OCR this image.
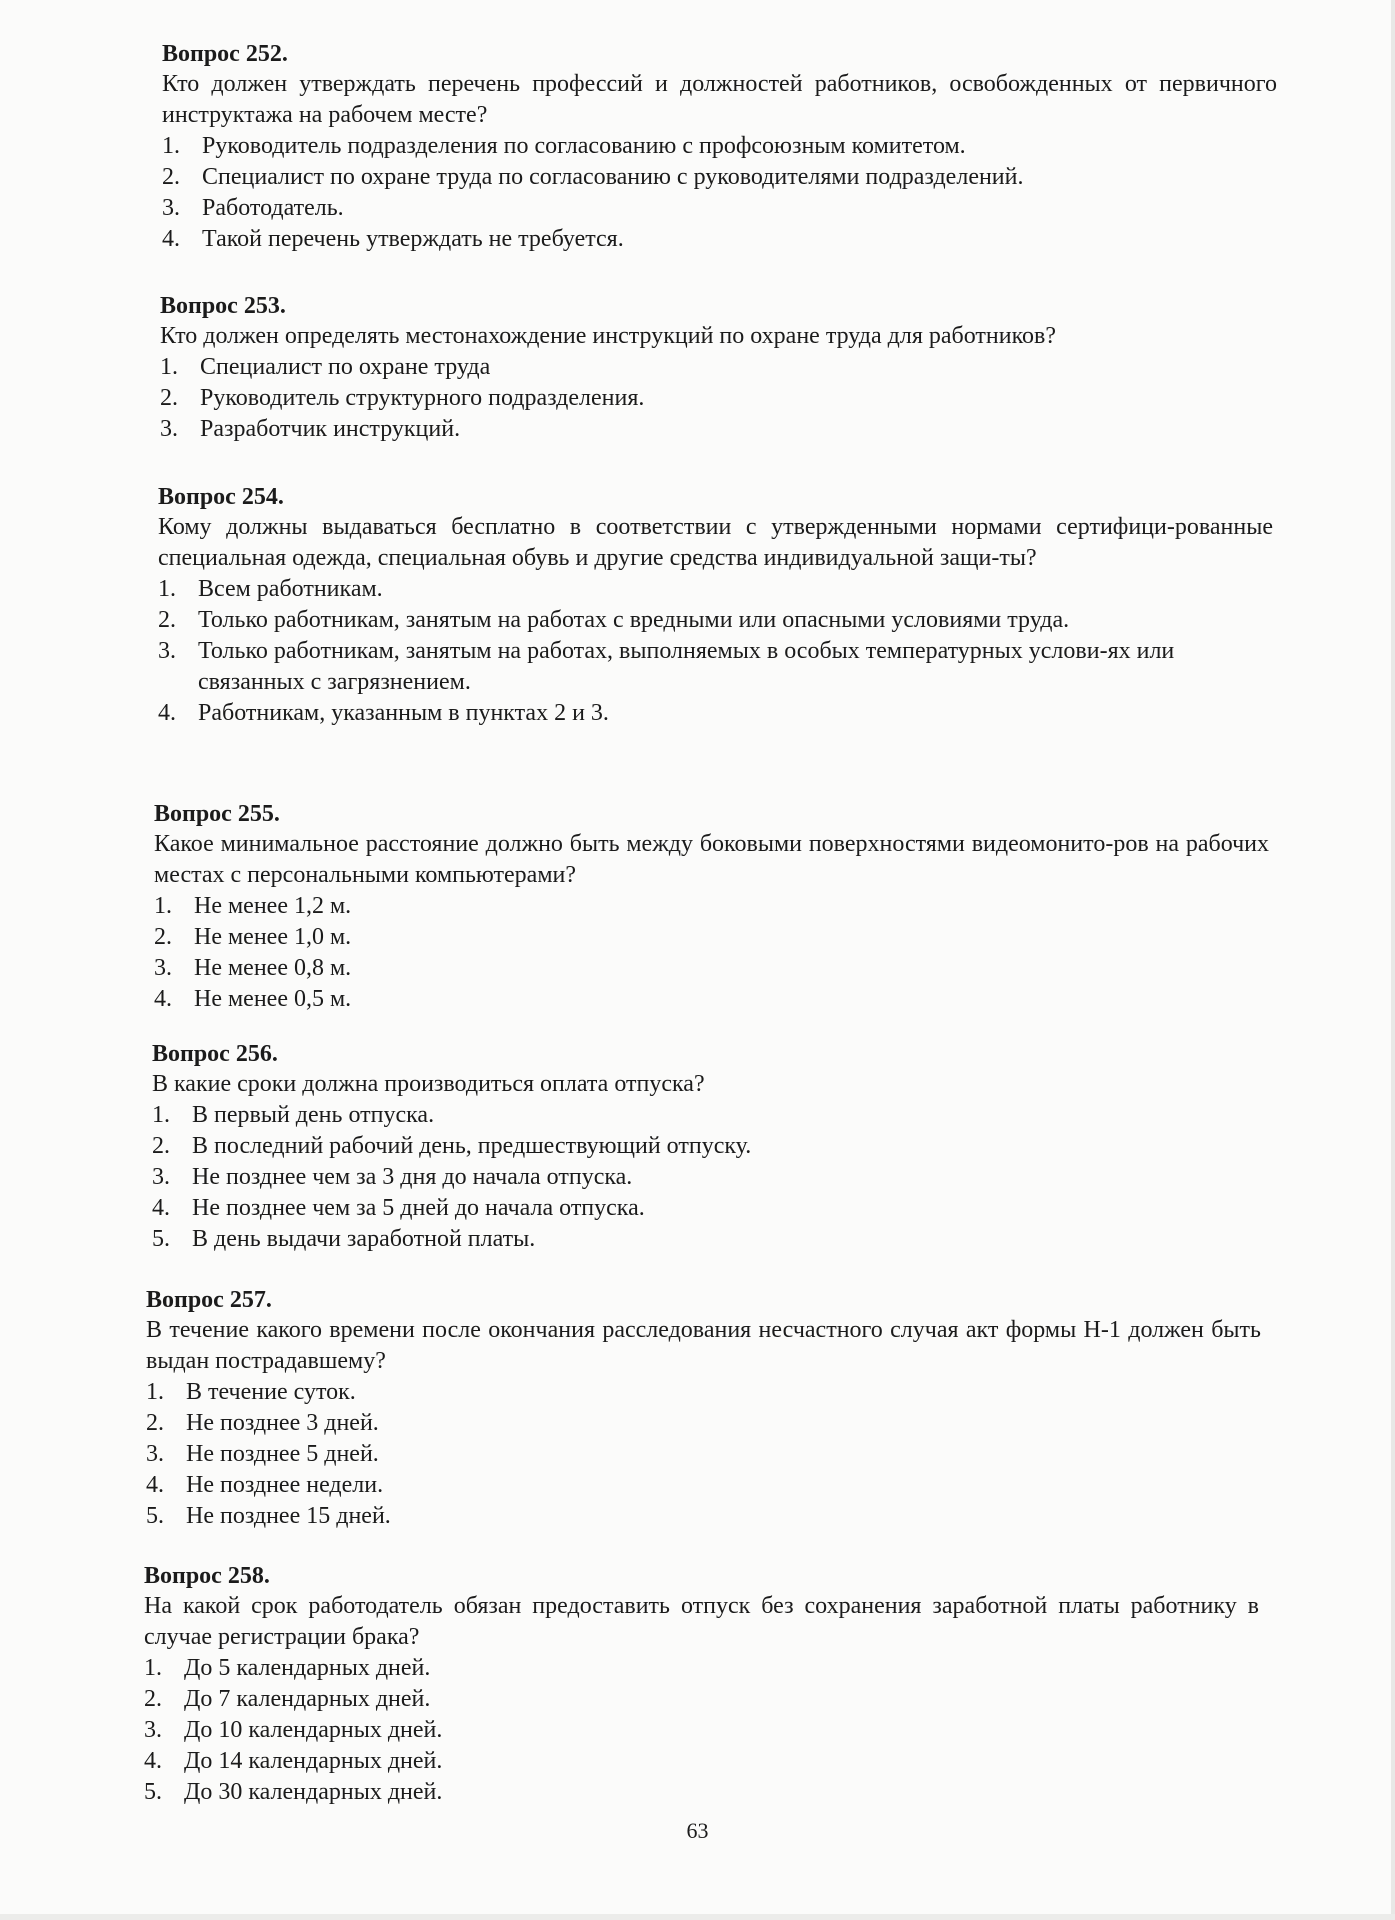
Вопрос 252.

Кто должен утверждать перечень профессий и должностей работников, освобожденных от первичного инструктажа на рабочем месте?

1. Руководитель подразделения по согласованию с профсоюзным комитетом.
2. Специалист по охране труда по согласованию с руководителями подразделений.
3. Работодатель.
4. Такой перечень утверждать не требуется.

Вопрос 253.

Кто должен определять местонахождение инструкций по охране труда для работников?

1. Специалист по охране труда
2. Руководитель структурного подразделения.
3. Разработчик инструкций.

Вопрос 254.

Кому должны выдаваться бесплатно в соответствии с утвержденными нормами сертифици-рованные специальная одежда, специальная обувь и другие средства индивидуальной защи-ты?

1. Всем работникам.
2. Только работникам, занятым на работах с вредными или опасными условиями труда.
3. Только работникам, занятым на работах, выполняемых в особых температурных услови-ях или связанных с загрязнением.
4. Работникам, указанным в пунктах 2 и 3.

Вопрос 255.

Какое минимальное расстояние должно быть между боковыми поверхностями видеомонито-ров на рабочих местах с персональными компьютерами?

1. Не менее 1,2 м.
2. Не менее 1,0 м.
3. Не менее 0,8 м.
4. Не менее 0,5 м.

Вопрос 256.

В какие сроки должна производиться оплата отпуска?

1. В первый день отпуска.
2. В последний рабочий день, предшествующий отпуску.
3. Не позднее чем за 3 дня до начала отпуска.
4. Не позднее чем за 5 дней до начала отпуска.
5. В день выдачи заработной платы.

Вопрос 257.

В течение какого времени после окончания расследования несчастного случая акт формы Н-1 должен быть выдан пострадавшему?

1. В течение суток.
2. Не позднее 3 дней.
3. Не позднее 5 дней.
4. Не позднее недели.
5. Не позднее 15 дней.

Вопрос 258.

На какой срок работодатель обязан предоставить отпуск без сохранения заработной платы работнику в случае регистрации брака?

1. До 5 календарных дней.
2. До 7 календарных дней.
3. До 10 календарных дней.
4. До 14 календарных дней.
5. До 30 календарных дней.
63
